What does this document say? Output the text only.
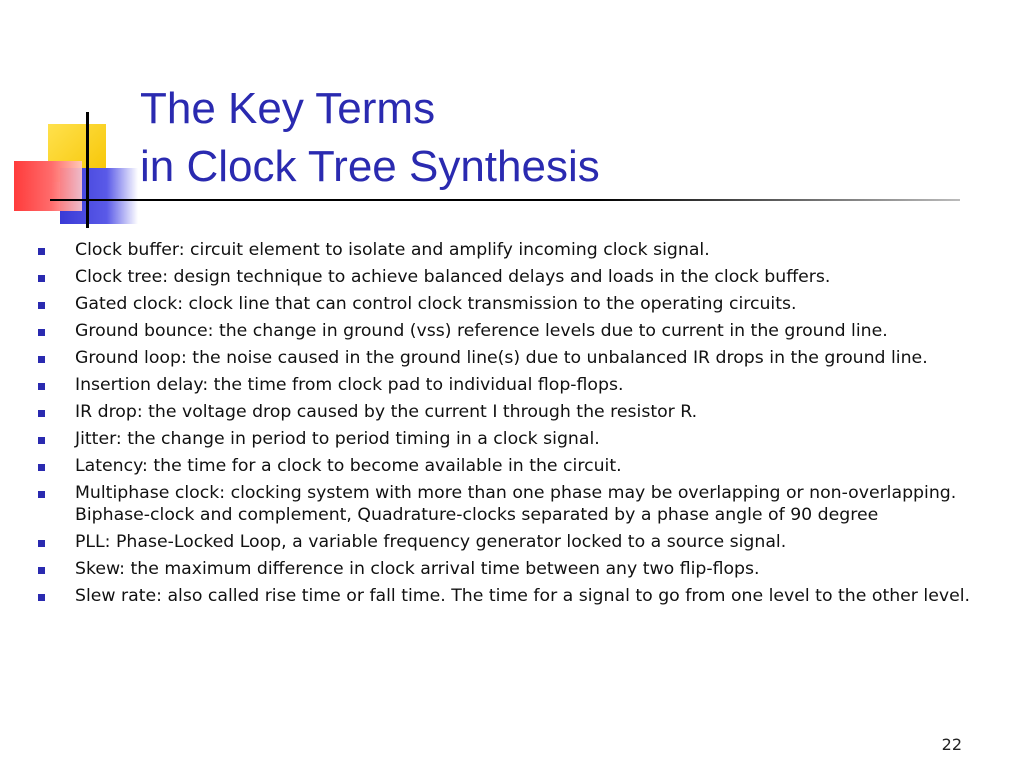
The Key Terms
in Clock Tree Synthesis
Clock buffer: circuit element to isolate and amplify incoming clock signal.
Clock tree: design technique to achieve balanced delays and loads in the clock buffers.
Gated clock: clock line that can control clock transmission to the operating circuits.
Ground bounce: the change in ground (vss) reference levels due to current in the ground line.
Ground loop: the noise caused in the ground line(s) due to unbalanced IR drops in the ground line.
Insertion delay: the time from clock pad to individual flop-flops.
IR drop: the voltage drop caused by the current I through the resistor R.
Jitter: the change in period to period timing in a clock signal.
Latency: the time for a clock to become available in the circuit.
Multiphase clock: clocking system with more than one phase may be overlapping or non-overlapping. Biphase-clock and complement, Quadrature-clocks separated by a phase angle of 90 degree
PLL: Phase-Locked Loop, a variable frequency generator locked to a source signal.
Skew: the maximum difference in clock arrival time between any two flip-flops.
Slew rate: also called rise time or fall time. The time for a signal to go from one level to the other level.
22
